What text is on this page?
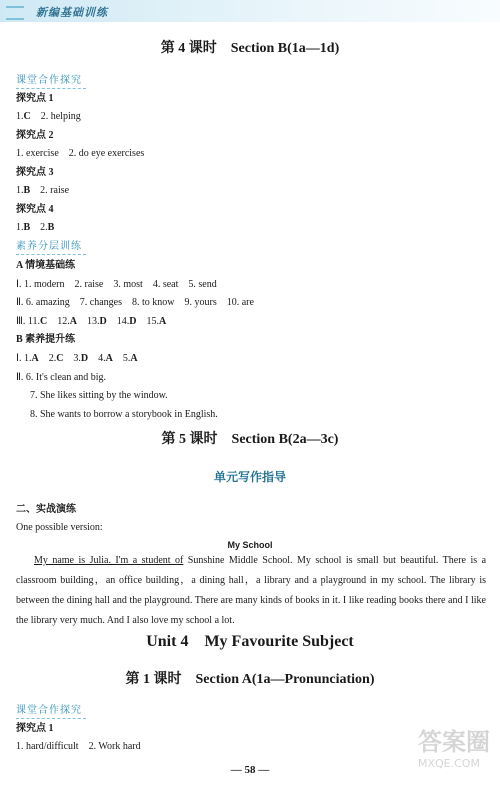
新编基础训练
第 4 课时　Section B(1a—1d)
课堂合作探究
探究点 1
1.C　 2. helping
探究点 2
1. exercise　2. do eye exercises
探究点 3
1.B　 2. raise
探究点 4
1.B　 2.B
素养分层训练
A 情境基础练
Ⅰ. 1. modern　2. raise　3. most　4. seat　5. send
Ⅱ. 6. amazing　7. changes　8. to know　9. yours　10. are
Ⅲ. 11.C　 12.A　 13.D　 14.D　 15.A
B 素养提升练
Ⅰ. 1.A　 2.C　 3.D　 4.A　 5.A
Ⅱ. 6. It's clean and big.
7. She likes sitting by the window.
8. She wants to borrow a storybook in English.
第 5 课时　Section B(2a—3c)
单元写作指导
二、实战演练
One possible version:
My School
My name is Julia. I'm a student of Sunshine Middle School. My school is small but beautiful. There is a classroom building，an office building，a dining hall，a library and a playground in my school. The library is between the dining hall and the playground. There are many kinds of books in it. I like reading books there and I like the library very much. And I also love my school a lot.
Unit 4　My Favourite Subject
第 1 课时　Section A(1a—Pronunciation)
课堂合作探究
探究点 1
1. hard/difficult　2. Work hard
— 58 —
答案圈
MXQE.COM
